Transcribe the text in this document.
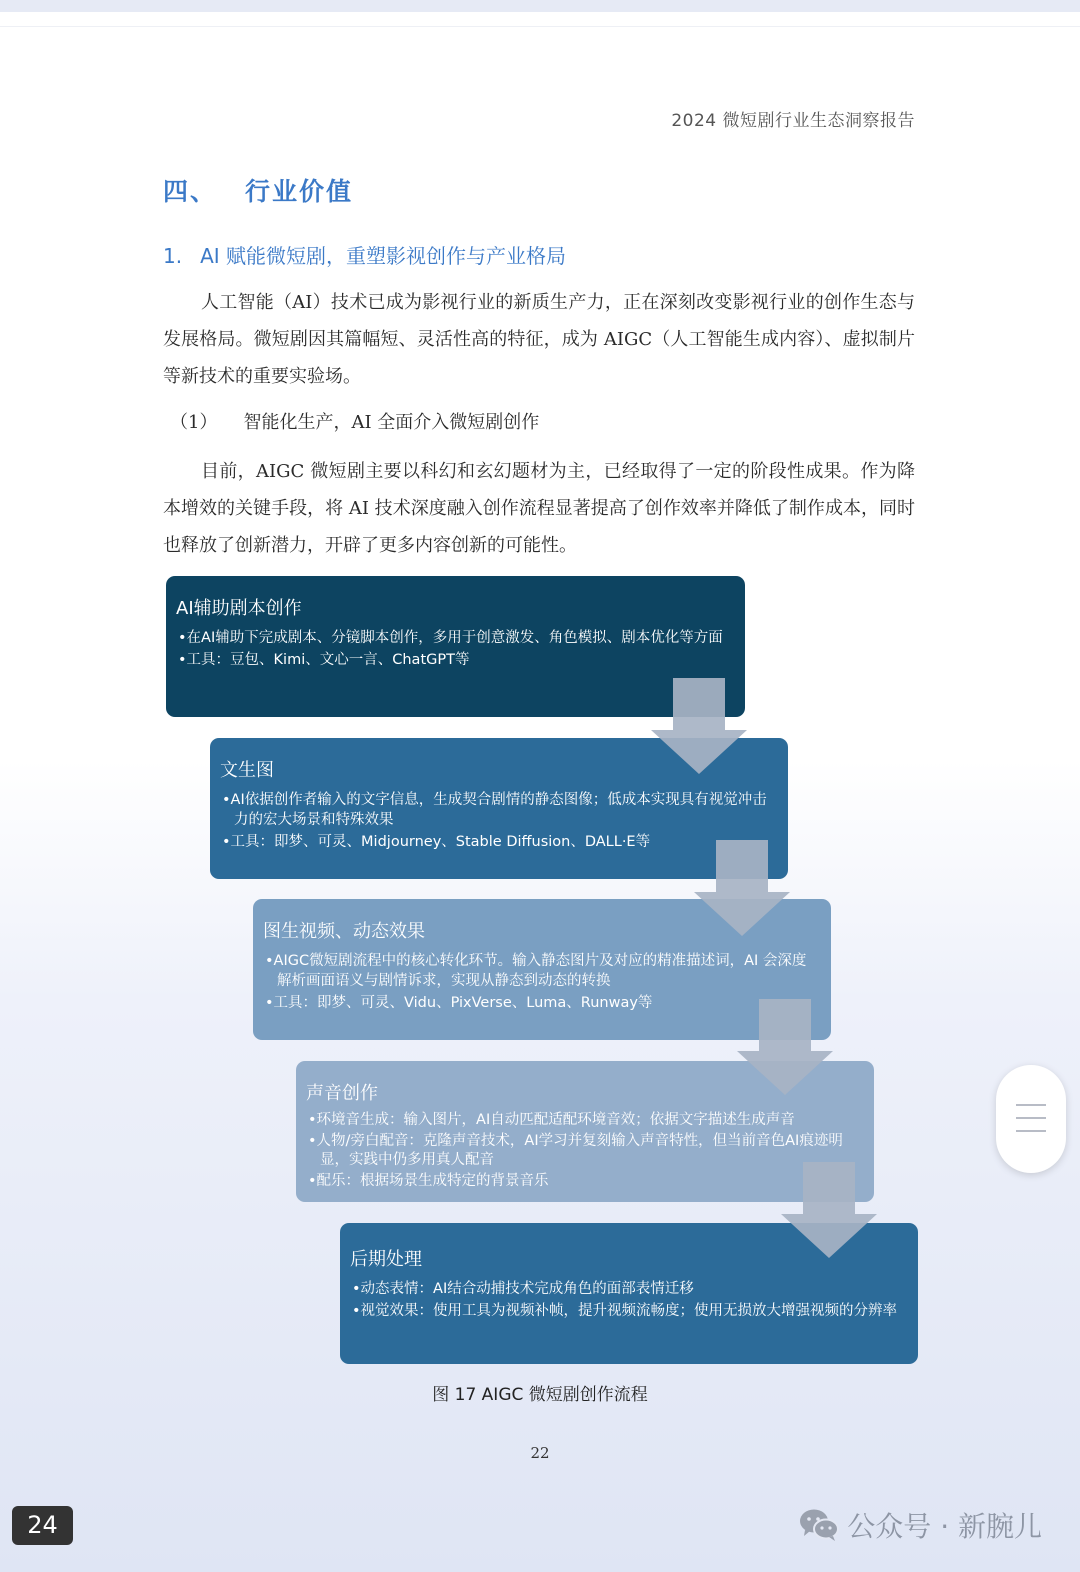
2024 微短剧行业生态洞察报告
四、 行业价值
1. AI 赋能微短剧，重塑影视创作与产业格局

人工智能（AI）技术已成为影视行业的新质生产力，正在深刻改变影视行业的创作生态与发展格局。微短剧因其篇幅短、灵活性高的特征，成为 AIGC（人工智能生成内容）、虚拟制片等新技术的重要实验场。

（1） 智能化生产，AI 全面介入微短剧创作

目前，AIGC 微短剧主要以科幻和玄幻题材为主，已经取得了一定的阶段性成果。作为降本增效的关键手段，将 AI 技术深度融入创作流程显著提高了创作效率并降低了制作成本，同时也释放了创新潜力，开辟了更多内容创新的可能性。

AI辅助剧本创作
•在AI辅助下完成剧本、分镜脚本创作，多用于创意激发、角色模拟、剧本优化等方面
•工具：豆包、Kimi、文心一言、ChatGPT等
文生图
•AI依据创作者输入的文字信息，生成契合剧情的静态图像；低成本实现具有视觉冲击力的宏大场景和特殊效果
•工具：即梦、可灵、Midjourney、Stable Diffusion、DALL·E等
图生视频、动态效果
•AIGC微短剧流程中的核心转化环节。输入静态图片及对应的精准描述词，AI 会深度解析画面语义与剧情诉求，实现从静态到动态的转换
•工具：即梦、可灵、Vidu、PixVerse、Luma、Runway等
声音创作
•环境音生成：输入图片，AI自动匹配适配环境音效；依据文字描述生成声音
•人物/旁白配音：克隆声音技术，AI学习并复刻输入声音特性，但当前音色AI痕迹明显，实践中仍多用真人配音
•配乐：根据场景生成特定的背景音乐
后期处理
•动态表情：AI结合动捕技术完成角色的面部表情迁移
•视觉效果：使用工具为视频补帧，提升视频流畅度；使用无损放大增强视频的分辨率
图 17 AIGC 微短剧创作流程
22
24	公众号 · 新腕儿
